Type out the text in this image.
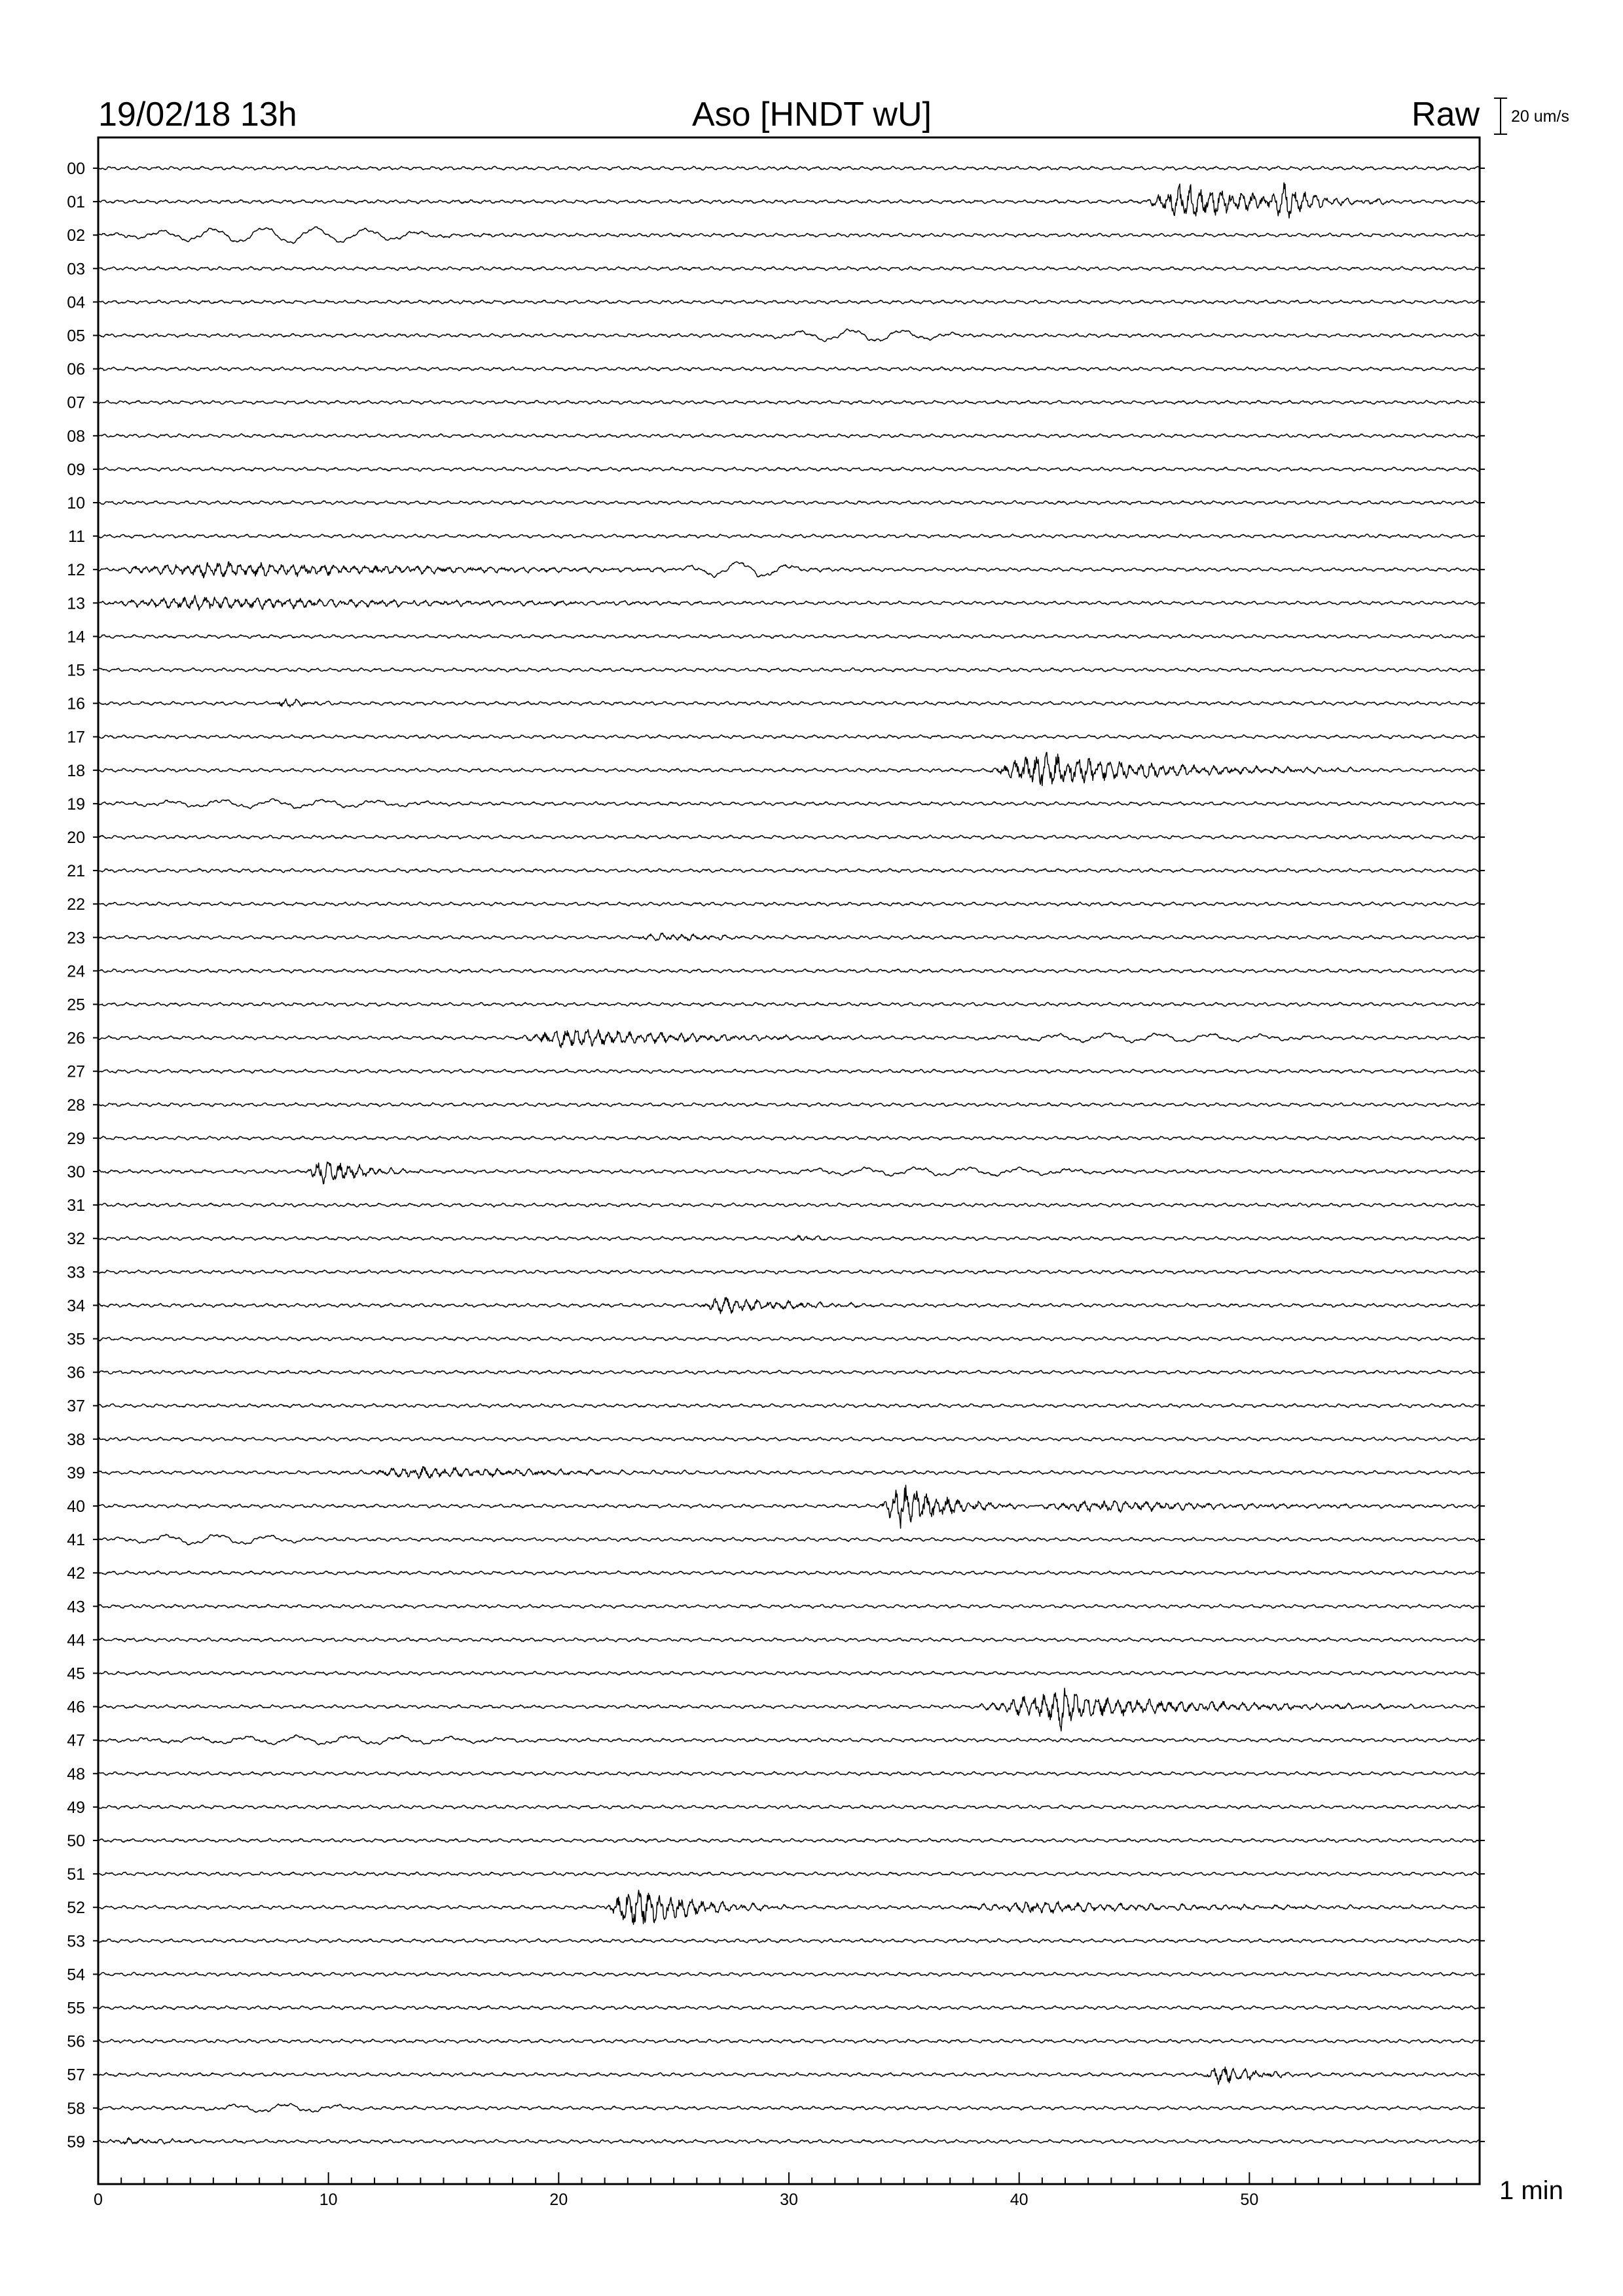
19/02/18 13h	Aso [HNDT wU]	Raw 20 um/s
00
01
02
03
04
05
06
07
08
09
10
11
12
13
14
15
16
17
18
19
20
21
22
23
24
25
26
27
28
29
30
31
32
33
34
35
36
37
38
39
40
41
42
43
44
45
46
47
48
49
50
51
52
53
54
55
56
57
58
59
0	10	20	30	40	50	1 min
